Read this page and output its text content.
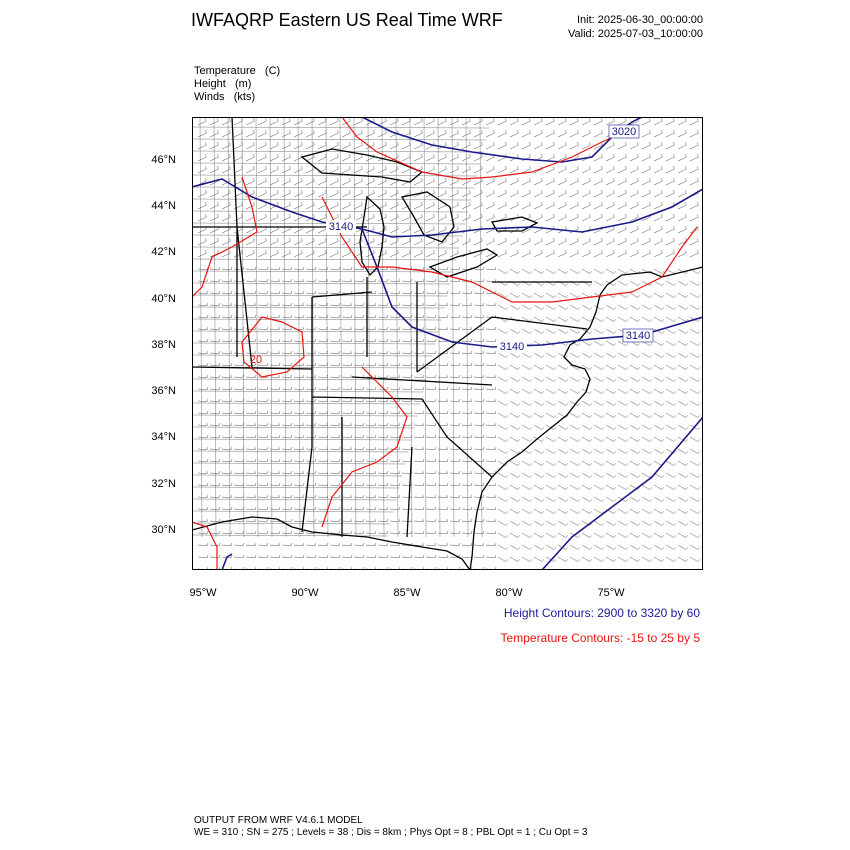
IWFAQRP Eastern US Real Time WRF	Init: 2025-06-30_00:00:00
Valid: 2025-07-03_10:00:00
Temperature   (C)
Height   (m)
Winds   (kts)
46°N
44°N
42°N
40°N
38°N
36°N
34°N
32°N
30°N
95°W	90°W	85°W	80°W	75°W
3020
3140
3140
3140
20
Height Contours: 2900 to 3320 by 60
Temperature Contours: -15 to 25 by 5
OUTPUT FROM WRF V4.6.1 MODEL
WE = 310 ; SN = 275 ; Levels = 38 ; Dis = 8km ; Phys Opt = 8 ; PBL Opt = 1 ; Cu Opt = 3
